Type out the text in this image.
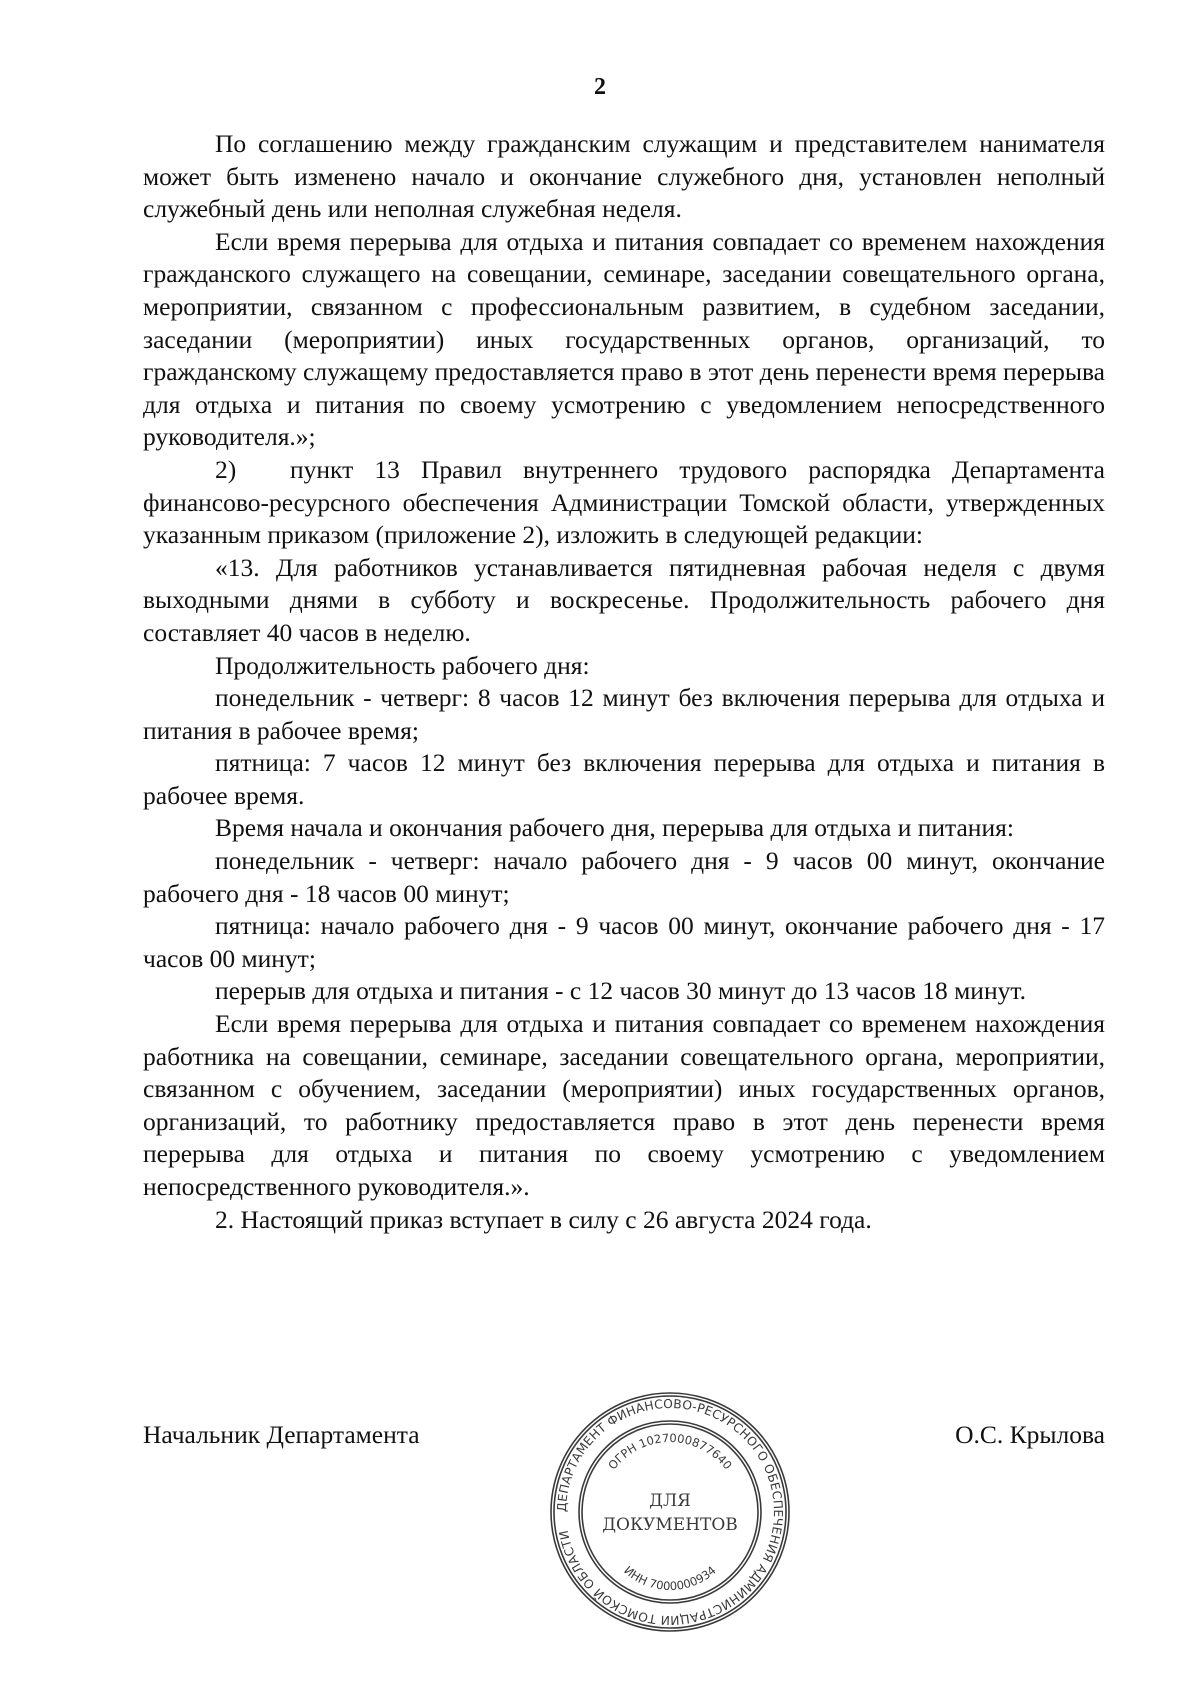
2

По соглашению между гражданским служащим и представителем нанимателя может быть изменено начало и окончание служебного дня, установлен неполный служебный день или неполная служебная неделя.

Если время перерыва для отдыха и питания совпадает со временем нахождения гражданского служащего на совещании, семинаре, заседании совещательного органа, мероприятии, связанном с профессиональным развитием, в судебном заседании, заседании (мероприятии) иных государственных органов, организаций, то гражданскому служащему предоставляется право в этот день перенести время перерыва для отдыха и питания по своему усмотрению с уведомлением непосредственного руководителя.»;

2) пункт 13 Правил внутреннего трудового распорядка Департамента финансово-ресурсного обеспечения Администрации Томской области, утвержденных указанным приказом (приложение 2), изложить в следующей редакции:

«13. Для работников устанавливается пятидневная рабочая неделя с двумя выходными днями в субботу и воскресенье. Продолжительность рабочего дня составляет 40 часов в неделю.

Продолжительность рабочего дня:

понедельник - четверг: 8 часов 12 минут без включения перерыва для отдыха и питания в рабочее время;

пятница: 7 часов 12 минут без включения перерыва для отдыха и питания в рабочее время.

Время начала и окончания рабочего дня, перерыва для отдыха и питания:

понедельник - четверг: начало рабочего дня - 9 часов 00 минут, окончание рабочего дня - 18 часов 00 минут;

пятница: начало рабочего дня - 9 часов 00 минут, окончание рабочего дня - 17 часов 00 минут;

перерыв для отдыха и питания - с 12 часов 30 минут до 13 часов 18 минут.

Если время перерыва для отдыха и питания совпадает со временем нахождения работника на совещании, семинаре, заседании совещательного органа, мероприятии, связанном с обучением, заседании (мероприятии) иных государственных органов, организаций, то работнику предоставляется право в этот день перенести время перерыва для отдыха и питания по своему усмотрению с уведомлением непосредственного руководителя.».

2. Настоящий приказ вступает в силу с 26 августа 2024 года.

Начальник Департамента	О.С. Крылова
ДЕПАРТАМЕНТ ФИНАНСОВО-РЕСУРСНОГО ОБЕСПЕЧЕНИЯ АДМИНИСТРАЦИИ ТОМСКОЙ ОБЛАСТИ
ОГРН 1027000877640
ИНН 7000000934
ДЛЯ
ДОКУМЕНТОВ
